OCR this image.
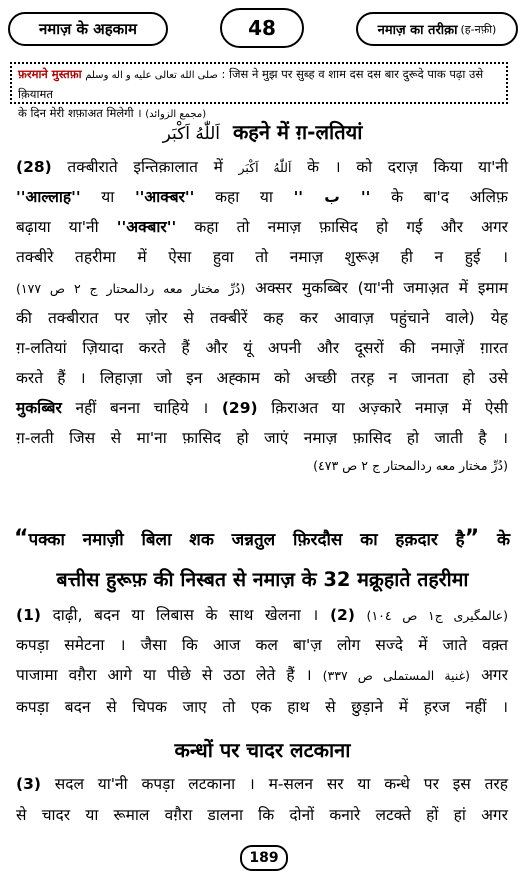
नमाज़ के अहकाम	48	नमाज़ का तरीक़ा (ह-नफ़ी)
फ़रमाने मुस्तफ़ा صلى الله تعالى عليه و اله وسلم : जिस ने मुझ पर सुब्ह व शाम दस दस बार दुरूदे पाक पढ़ा उसे क़ियामत
के दिन मेरी शफ़ाअत मिलेगी । (مجمع الزوائد)
اَللّٰهُ اَكْبَر कहने में ग़-लतियां
(28) तक्बीराते इन्तिक़ालात में اَللّٰهُ اَكْبَر के । को दराज़ किया या'नी
''आल्लाह'' या ''आक्बर'' कहा या '' ب '' के बा'द अलिफ़
बढ़ाया या'नी ''अक्बार'' कहा तो नमाज़ फ़ासिद हो गई और अगर
तक्बीरे तहरीमा में ऐसा हुवा तो नमाज़ शुरूअ़ ही न हुई ।
(دُرِّ مختار معه ردالمحتار ج ٢ ص ١٧٧) अक्सर मुकब्बिर (या'नी जमाअ़त में इमाम
की तक्बीरात पर ज़ोर से तक्बीरें कह कर आवाज़ पहुंचाने वाले) येह
ग़-लतियां ज़ियादा करते हैं और यूं अपनी और दूसरों की नमाज़ें ग़ारत
करते हैं । लिहाज़ा जो इन अह्काम को अच्छी तरह़ न जानता हो उसे
मुकब्बिर नहीं बनना चाहिये । (29) क़िराअत या अज़्कारे नमाज़ में ऐसी
ग़-लती जिस से मा'ना फ़ासिद हो जाएं नमाज़ फ़ासिद हो जाती है ।
(دُرِّ مختار معه ردالمحتار ج ٢ ص ٤٧٣)
“पक्का नमाज़ी बिला शक जन्नतुल फ़िरदौस का हक़दार है” के
बत्तीस हुरूफ़ की निस्बत से नमाज़ के 32 मक्रूहाते तहरीमा
(1) दाढ़ी, बदन या लिबास के साथ खेलना ।	(عالمگیری ج١ ص ١٠٤) (2)
कपड़ा समेटना । जैसा कि आज कल बा'ज़ लोग सज्दे में जाते वक़्त
पाजामा वग़ैरा आगे या पीछे से उठा लेते हैं । (غنية المستملى ص ٣٣٧) अगर
कपड़ा बदन से चिपक जाए तो एक हाथ से छुड़ाने में ह़रज नहीं ।
कन्धों पर चादर लटकाना
(3) सदल या'नी कपड़ा लटकाना । म-सलन सर या कन्धे पर इस तरह
से चादर या रूमाल वग़ैरा डालना कि दोनों कनारे लटक्ते हों हां अगर
189
